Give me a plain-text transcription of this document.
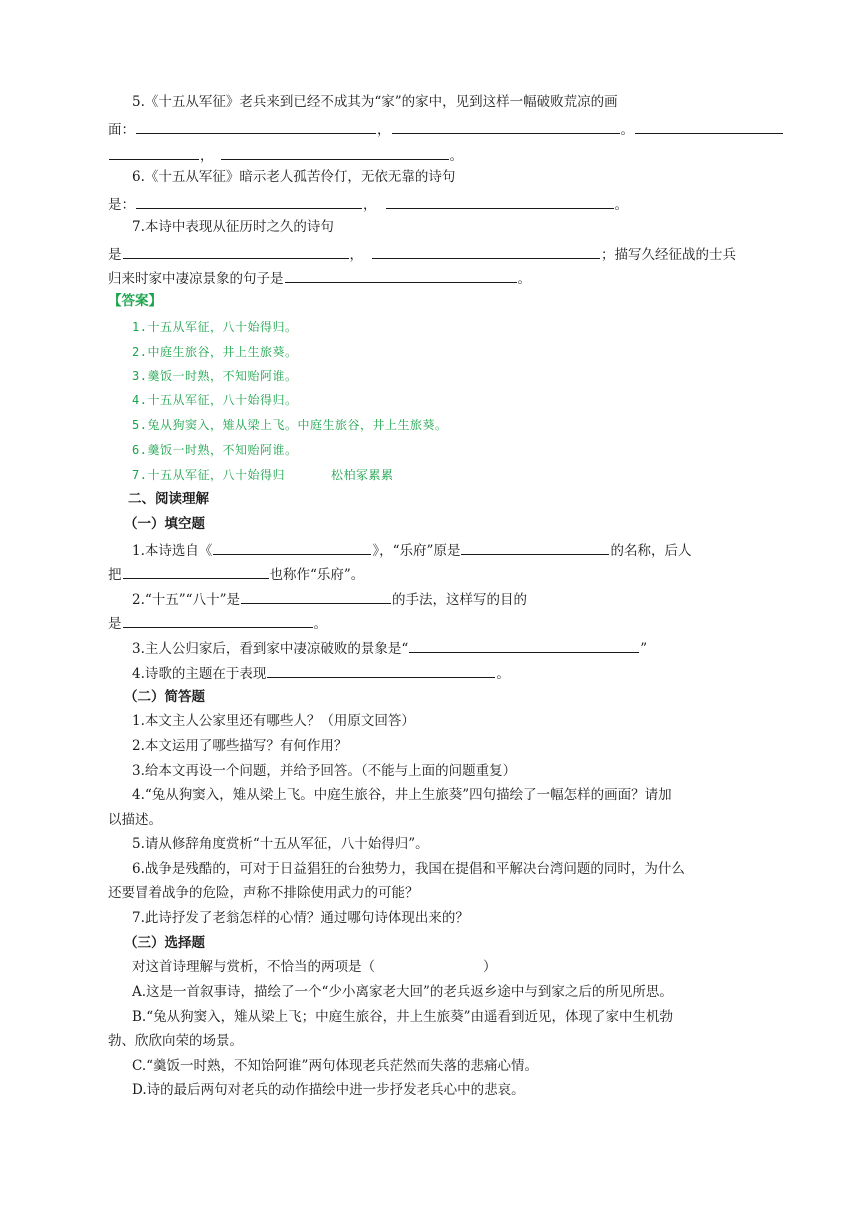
5.《十五从军征》老兵来到已经不成其为“家”的家中，见到这样一幅破败荒凉的画
面：	，	。
，	。
6.《十五从军征》暗示老人孤苦伶仃，无依无靠的诗句
是：	，	。
7.本诗中表现从征历时之久的诗句
是	，	；描写久经征战的士兵
归来时家中凄凉景象的句子是	。
【答案】
1.十五从军征，八十始得归。
2.中庭生旅谷，井上生旅葵。
3.羹饭一时熟，不知贻阿谁。
4.十五从军征，八十始得归。
5.兔从狗窦入，雉从梁上飞。中庭生旅谷，井上生旅葵。
6.羹饭一时熟，不知贻阿谁。
7.十五从军征，八十始得归	松柏冢累累
二、阅读理解
（一）填空题
1.本诗选自《	》，“乐府”原是	的名称，后人
把	也称作“乐府”。
2.“十五”“八十”是	的手法，这样写的目的
是	。
3.主人公归家后，看到家中凄凉破败的景象是“	”
4.诗歌的主题在于表现	。
（二）简答题
1.本文主人公家里还有哪些人？（用原文回答）
2.本文运用了哪些描写？有何作用？
3.给本文再设一个问题，并给予回答。（不能与上面的问题重复）
4.“兔从狗窦入，雉从梁上飞。中庭生旅谷，井上生旅葵”四句描绘了一幅怎样的画面？请加
以描述。
5.请从修辞角度赏析“十五从军征，八十始得归”。
6.战争是残酷的，可对于日益猖狂的台独势力，我国在提倡和平解决台湾问题的同时，为什么
还要冒着战争的危险，声称不排除使用武力的可能？
7.此诗抒发了老翁怎样的心情？通过哪句诗体现出来的？
（三）选择题
对这首诗理解与赏析，不恰当的两项是（	）
A.这是一首叙事诗，描绘了一个“少小离家老大回”的老兵返乡途中与到家之后的所见所思。
B.“兔从狗窦入，雉从梁上飞；中庭生旅谷，井上生旅葵”由遥看到近见，体现了家中生机勃
勃、欣欣向荣的场景。
C.“羹饭一时熟，不知饴阿谁”两句体现老兵茫然而失落的悲痛心情。
D.诗的最后两句对老兵的动作描绘中进一步抒发老兵心中的悲哀。
